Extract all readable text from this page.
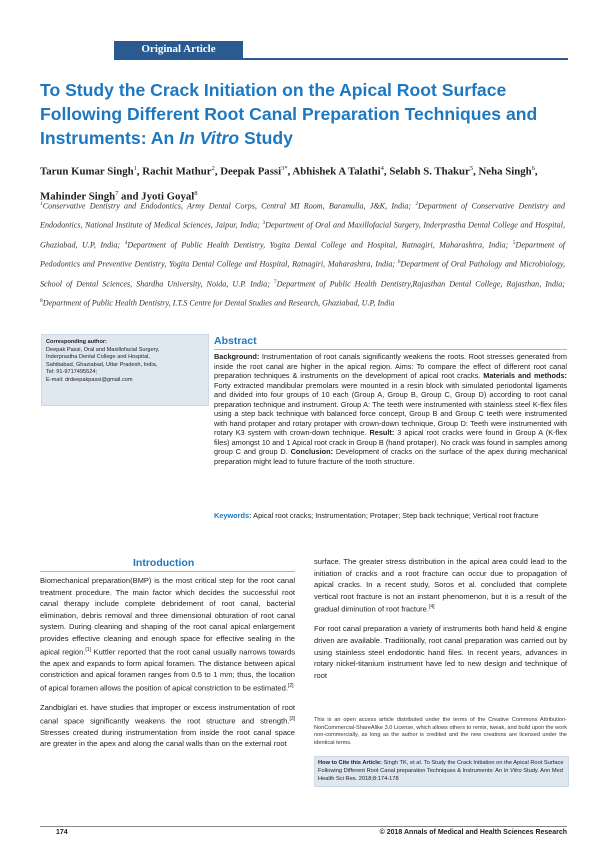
Original Article
To Study the Crack Initiation on the Apical Root Surface Following Different Root Canal Preparation Techniques and Instruments: An In Vitro Study
Tarun Kumar Singh$^1$, Rachit Mathur$^2$, Deepak Passi$^{3*}$, Abhishek A Talathi$^4$, Selabh S. Thakur$^5$, Neha Singh$^6$, Mahinder Singh$^7$ and Jyoti Goyal$^8$
$^1$Conservative Dentistry and Endodontics, Army Dental Corps, Central MI Room, Baramulla, J&K, India; $^2$Department of Conservative Dentistry and Endodontics, National Institute of Medical Sciences, Jaipur, India; $^3$Department of Oral and Maxillofacial Surgery, Inderprastha Dental College and Hospital, Ghaziabad, U.P, India; $^4$Department of Public Health Dentistry, Yogita Dental College and Hospital, Ratnagiri, Maharashtra, India; $^5$Department of Pedodontics and Preventive Dentistry, Yogita Dental College and Hospital, Ratnagiri, Maharashtra, India; $^6$Department of Oral Pathology and Microbiology, School of Dental Sciences, Shardha University, Noida, U.P. India; $^7$Department of Public Health Dentistry,Rajasthan Dental College, Rajasthan, India; $^8$Department of Public Health Dentistry, I.T.S Centre for Dental Studies and Research, Ghaziabad, U.P, India
Corresponding author:
Deepak Passi, Oral and Maxillofacial Surgery,
Inderprastha Dental College and Hospital,
Sahibabad, Ghaziabad, Uttar Pradesh, India,
Tel: 91-9717495524;
E-mail: drdeepakpassi@gmail.com
Abstract
Background: Instrumentation of root canals significantly weakens the roots. Root stresses generated from inside the root canal are higher in the apical region. Aims: To compare the effect of different root canal preparation techniques & instruments on the development of apical root cracks. Materials and methods: Forty extracted mandibular premolars were mounted in a resin block with simulated periodontal ligaments and divided into four groups of 10 each (Group A, Group B, Group C, Group D) according to root canal preparation technique and instrument. Group A: The teeth were instrumented with stainless steel K-flex files using a step back technique with balanced force concept, Group B and Group C teeth were instrumented with hand protaper and rotary protaper with crown-down technique, Group D: Teeth were instrumented with rotary K3 system with crown-down technique. Result: 3 apical root cracks were found in Group A (K-flex files) amongst 10 and 1 Apical root crack in Group B (hand protaper). No crack was found in samples among group C and group D. Conclusion: Development of cracks on the surface of the apex during mechanical preparation might lead to future fracture of the tooth structure.
Keywords: Apical root cracks; Instrumentation; Protaper; Step back technique; Vertical root fracture
Introduction

Biomechanical preparation(BMP) is the most critical step for the root canal treatment procedure. The main factor which decides the successful root canal therapy include complete debridement of root canal, bacterial elimination, debris removal and three dimensional obturation of root canal system. During cleaning and shaping of the root canal apical enlargement provides effective cleaning and enough space for effective sealing in the apical region.[1] Kuttler reported that the root canal usually narrows towards the apex and expands to form apical foramen. The distance between apical constriction and apical foramen ranges from 0.5 to 1 mm; thus, the location of apical foramen allows the position of apical constriction to be estimated.[2]

Zandbiglari et. have studies that improper or excess instrumentation of root canal space significantly weakens the root structure and strength.[3] Stresses created during instrumentation from inside the root canal space are greater in the apex and along the canal walls than on the external root

surface. The greater stress distribution in the apical area could lead to the initiation of cracks and a root fracture can occur due to propagation of apical cracks. In a recent study, Soros et al. concluded that complete vertical root fracture is not an instant phenomenon, but it is a result of the gradual diminution of root fracture.[4]

For root canal preparation a variety of instruments both hand held & engine driven are available. Traditionally, root canal preparation was carried out by using stainless steel endodontic hand files. In recent years, advances in rotary nickel-titanium instrument have led to new design and technique of root

This is an open access article distributed under the terms of the Creative Commons Attribution-NonCommercial-ShareAlike 3.0 License, which allows others to remix, tweak, and build upon the work non-commercially, as long as the author is credited and the new creations are licensed under the identical terms.
How to Cite this Article: Singh TK, et al. To Study the Crack Initiation on the Apical Root Surface Following Different Root Canal preparation Techniques & Instruments: An In Vitro Study. Ann Med Health Sci Res. 2018;8:174-178
174	© 2018 Annals of Medical and Health Sciences Research
